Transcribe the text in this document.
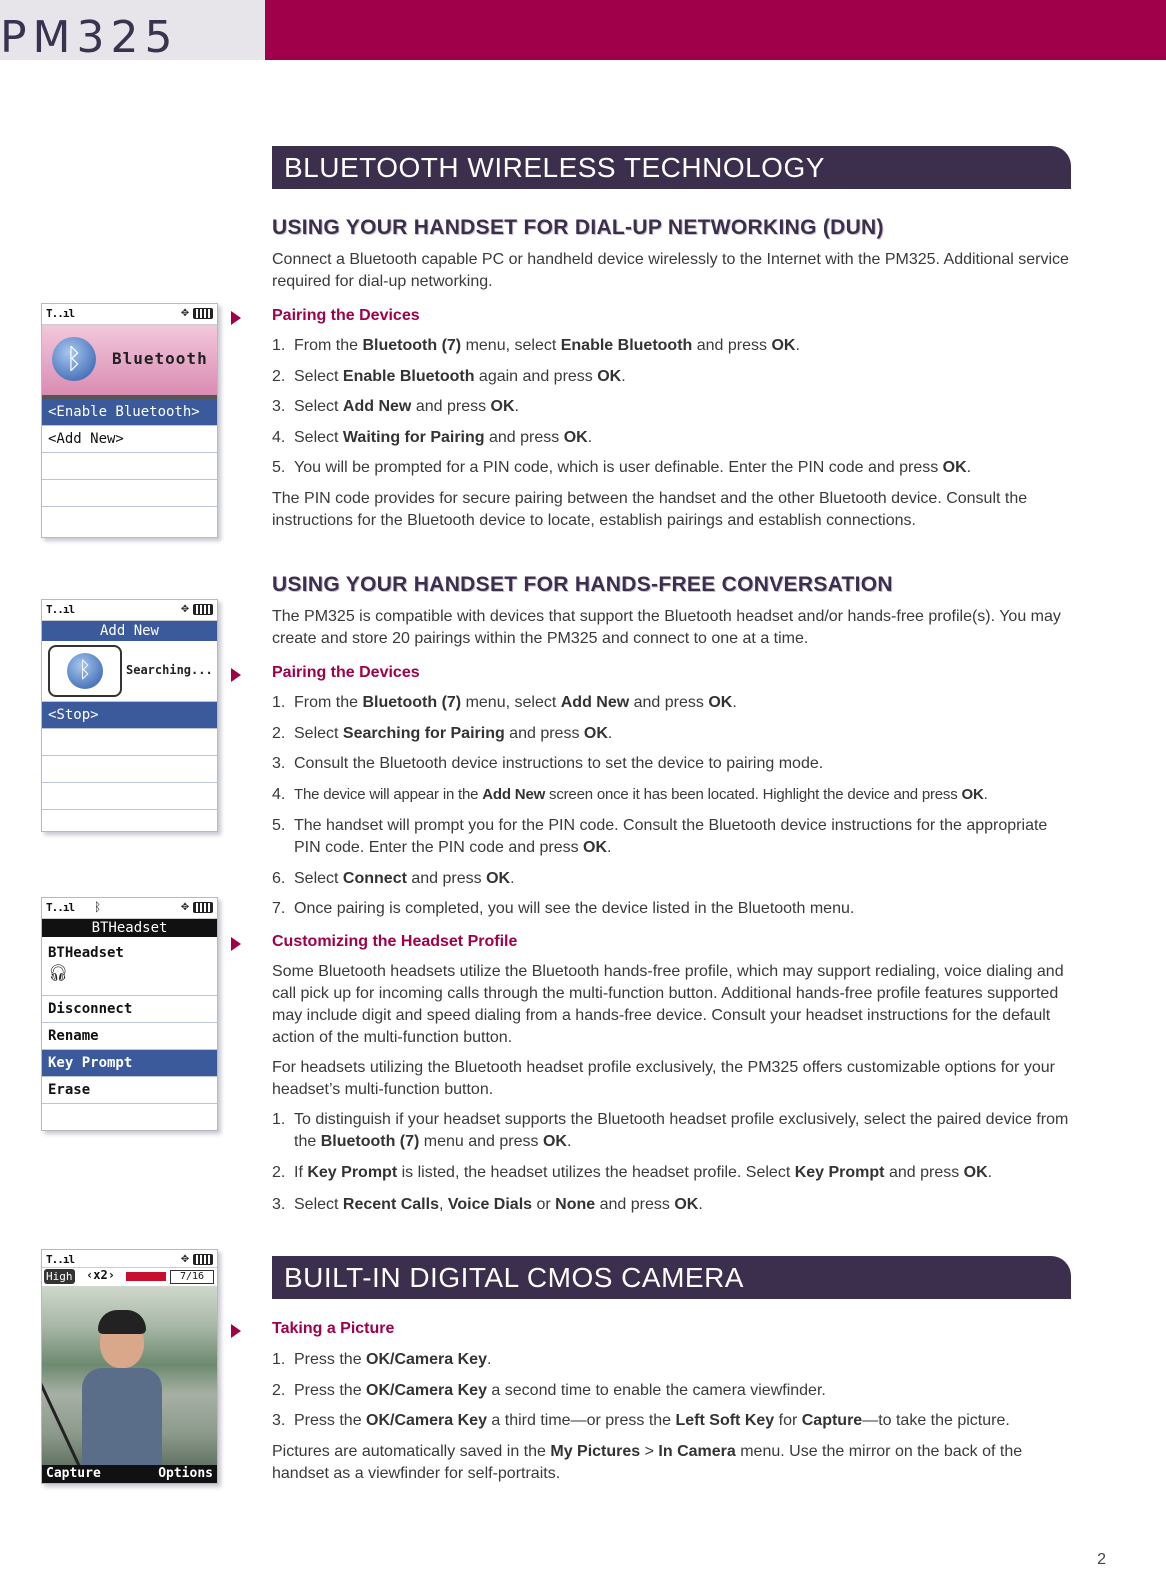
PM325
BLUETOOTH WIRELESS TECHNOLOGY
USING YOUR HANDSET FOR DIAL-UP NETWORKING (DUN)

Connect a Bluetooth capable PC or handheld device wirelessly to the Internet with the PM325. Additional service required for dial-up networking.

Pairing the Devices
1. From the Bluetooth (7) menu, select Enable Bluetooth and press OK.
2. Select Enable Bluetooth again and press OK.
3. Select Add New and press OK.
4. Select Waiting for Pairing and press OK.
5. You will be prompted for a PIN code, which is user definable. Enter the PIN code and press OK.

The PIN code provides for secure pairing between the handset and the other Bluetooth device. Consult the instructions for the Bluetooth device to locate, establish pairings and establish connections.

USING YOUR HANDSET FOR HANDS-FREE CONVERSATION

The PM325 is compatible with devices that support the Bluetooth headset and/or hands-free profile(s). You may create and store 20 pairings within the PM325 and connect to one at a time.

Pairing the Devices
1. From the Bluetooth (7) menu, select Add New and press OK.
2. Select Searching for Pairing and press OK.
3. Consult the Bluetooth device instructions to set the device to pairing mode.
4. The device will appear in the Add New screen once it has been located. Highlight the device and press OK.
5. The handset will prompt you for the PIN code. Consult the Bluetooth device instructions for the appropriate PIN code. Enter the PIN code and press OK.
6. Select Connect and press OK.
7. Once pairing is completed, you will see the device listed in the Bluetooth menu.
Customizing the Headset Profile

Some Bluetooth headsets utilize the Bluetooth hands-free profile, which may support redialing, voice dialing and call pick up for incoming calls through the multi-function button. Additional hands-free profile features supported may include digit and speed dialing from a hands-free device. Consult your headset instructions for the default action of the multi-function button.

For headsets utilizing the Bluetooth headset profile exclusively, the PM325 offers customizable options for your headset’s multi-function button.

1. To distinguish if your headset supports the Bluetooth headset profile exclusively, select the paired device from the Bluetooth (7) menu and press OK.
2. If Key Prompt is listed, the headset utilizes the headset profile. Select Key Prompt and press OK.
3. Select Recent Calls, Voice Dials or None and press OK.
BUILT-IN DIGITAL CMOS CAMERA
Taking a Picture
1. Press the OK/Camera Key.
2. Press the OK/Camera Key a second time to enable the camera viewfinder.
3. Press the OK/Camera Key a third time—or press the Left Soft Key for Capture—to take the picture.

Pictures are automatically saved in the My Pictures > In Camera menu. Use the mirror on the back of the handset as a viewfinder for self-portraits.

2
T..ıl	✥
ᛒ	Bluetooth
<Enable Bluetooth>
<Add New>
T..ıl	✥
Add New
ᛒ	Searching...
<Stop>
T..ıl ᛒ	✥
BTHeadset
BTHeadset
🎧︎
Disconnect
Rename
Key Prompt
Erase
T..ıl	✥
High ‹x2›	7/16
Capture	Options
